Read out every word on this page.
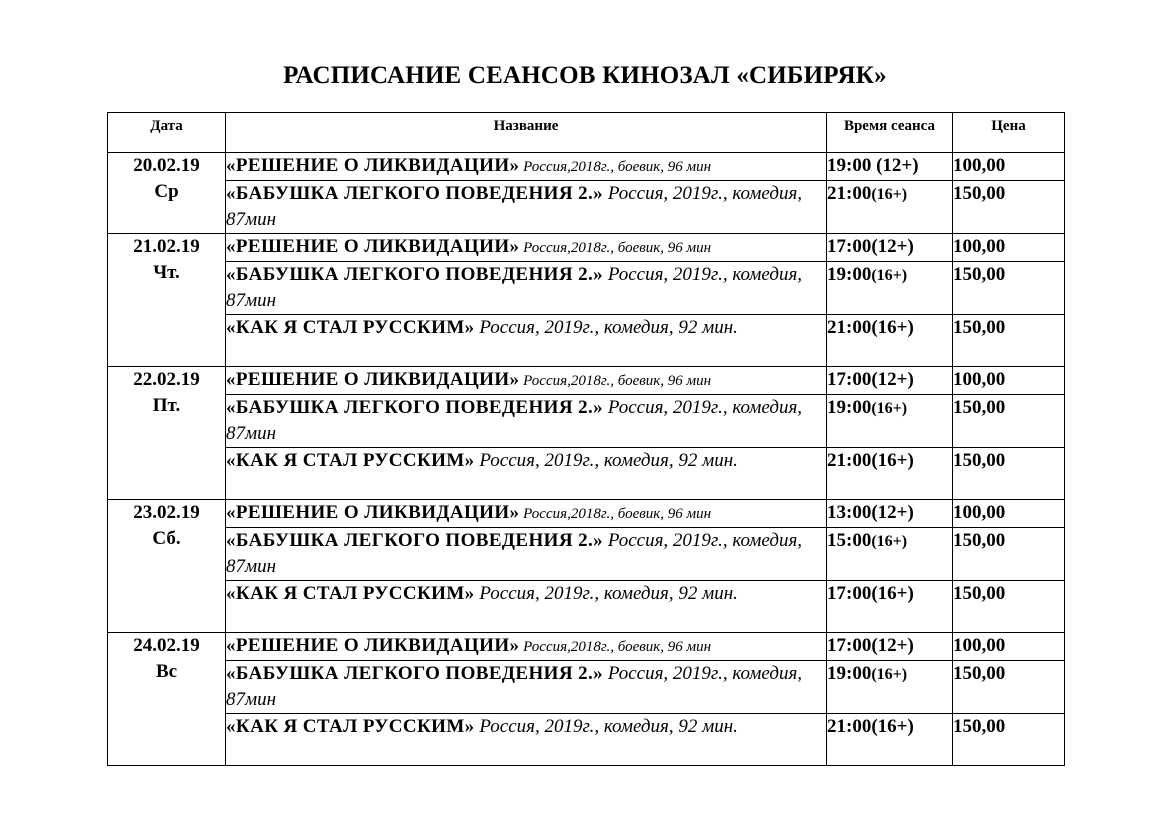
РАСПИСАНИЕ СЕАНСОВ КИНОЗАЛ «СИБИРЯК»
Дата	Название	Время сеанса	Цена

20.02.19
Ср	«РЕШЕНИЕ О ЛИКВИДАЦИИ» Россия,2018г., боевик, 96 мин	19:00 (12+)	100,00
	«БАБУШКА ЛЕГКОГО ПОВЕДЕНИЯ 2.» Россия, 2019г., комедия, 87мин	21:00(16+)	150,00

21.02.19
Чт.	«РЕШЕНИЕ О ЛИКВИДАЦИИ» Россия,2018г., боевик, 96 мин	17:00(12+)	100,00
	«БАБУШКА ЛЕГКОГО ПОВЕДЕНИЯ 2.» Россия, 2019г., комедия, 87мин	19:00(16+)	150,00
	«КАК Я СТАЛ РУССКИМ» Россия, 2019г., комедия, 92 мин.	21:00(16+)	150,00

22.02.19
Пт.	«РЕШЕНИЕ О ЛИКВИДАЦИИ» Россия,2018г., боевик, 96 мин	17:00(12+)	100,00
	«БАБУШКА ЛЕГКОГО ПОВЕДЕНИЯ 2.» Россия, 2019г., комедия, 87мин	19:00(16+)	150,00
	«КАК Я СТАЛ РУССКИМ» Россия, 2019г., комедия, 92 мин.	21:00(16+)	150,00

23.02.19
Сб.	«РЕШЕНИЕ О ЛИКВИДАЦИИ» Россия,2018г., боевик, 96 мин	13:00(12+)	100,00
	«БАБУШКА ЛЕГКОГО ПОВЕДЕНИЯ 2.» Россия, 2019г., комедия, 87мин	15:00(16+)	150,00
	«КАК Я СТАЛ РУССКИМ» Россия, 2019г., комедия, 92 мин.	17:00(16+)	150,00

24.02.19
Вс	«РЕШЕНИЕ О ЛИКВИДАЦИИ» Россия,2018г., боевик, 96 мин	17:00(12+)	100,00
	«БАБУШКА ЛЕГКОГО ПОВЕДЕНИЯ 2.» Россия, 2019г., комедия, 87мин	19:00(16+)	150,00
	«КАК Я СТАЛ РУССКИМ» Россия, 2019г., комедия, 92 мин.	21:00(16+)	150,00
